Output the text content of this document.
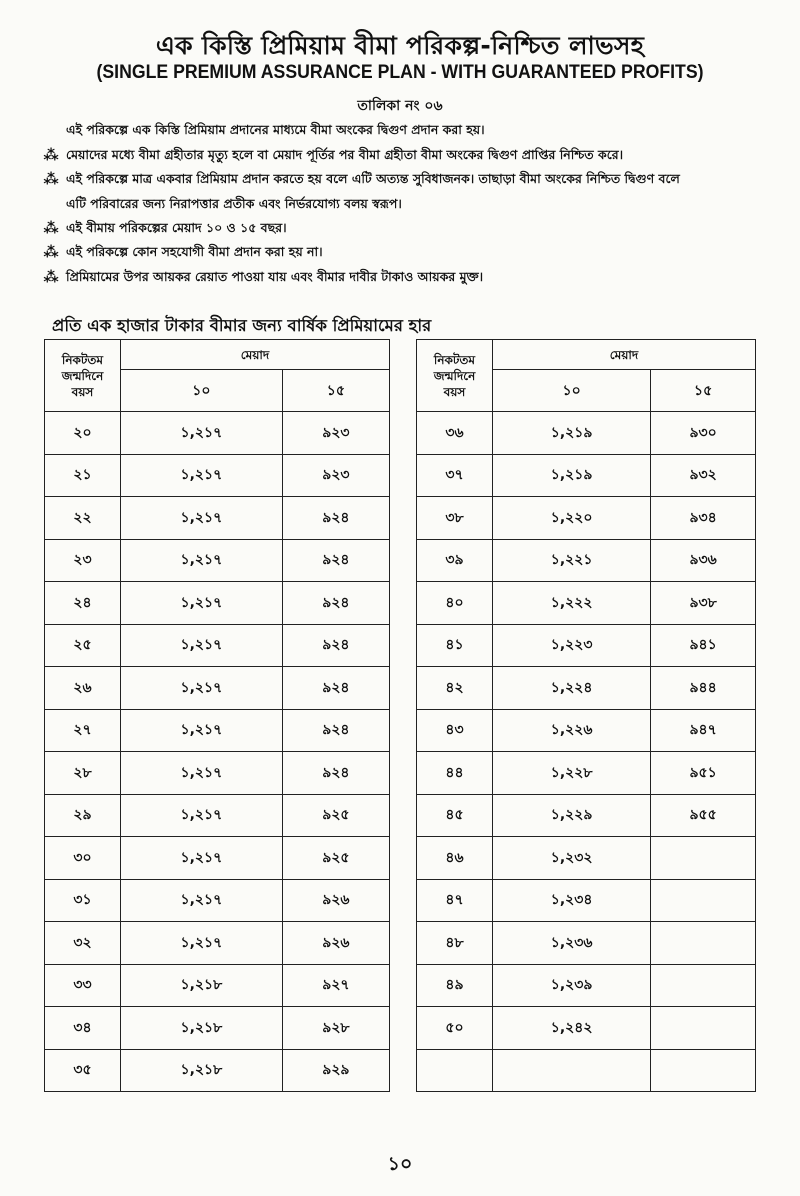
এক কিস্তি প্রিমিয়াম বীমা পরিকল্প-নিশ্চিত লাভসহ
(SINGLE PREMIUM ASSURANCE PLAN - WITH GUARANTEED PROFITS)
তালিকা নং ০৬
এই পরিকল্পে এক কিস্তি প্রিমিয়াম প্রদানের মাধ্যমে বীমা অংকের দ্বিগুণ প্রদান করা হয়।
⁂ মেয়াদের মধ্যে বীমা গ্রহীতার মৃত্যু হলে বা মেয়াদ পূর্তির পর বীমা গ্রহীতা বীমা অংকের দ্বিগুণ প্রাপ্তির নিশ্চিত করে।
⁂ এই পরিকল্পে মাত্র একবার প্রিমিয়াম প্রদান করতে হয় বলে এটি অত্যন্ত সুবিধাজনক। তাছাড়া বীমা অংকের নিশ্চিত দ্বিগুণ বলে
এটি পরিবারের জন্য নিরাপত্তার প্রতীক এবং নির্ভরযোগ্য বলয় স্বরূপ।
⁂ এই বীমায় পরিকল্পের মেয়াদ ১০ ও ১৫ বছর।
⁂ এই পরিকল্পে কোন সহযোগী বীমা প্রদান করা হয় না।
⁂ প্রিমিয়ামের উপর আয়কর রেয়াত পাওয়া যায় এবং বীমার দাবীর টাকাও আয়কর মুক্ত।
প্রতি এক হাজার টাকার বীমার জন্য বার্ষিক প্রিমিয়ামের হার
নিকটতম জন্মদিনে বয়স	মেয়াদ	
	১০	১৫
২০	১,২১৭	৯২৩
২১	১,২১৭	৯২৩
২২	১,২১৭	৯২৪
২৩	১,২১৭	৯২৪
২৪	১,২১৭	৯২৪
২৫	১,২১৭	৯২৪
২৬	১,২১৭	৯২৪
২৭	১,২১৭	৯২৪
২৮	১,২১৭	৯২৪
২৯	১,২১৭	৯২৫
৩০	১,২১৭	৯২৫
৩১	১,২১৭	৯২৬
৩২	১,২১৭	৯২৬
৩৩	১,২১৮	৯২৭
৩৪	১,২১৮	৯২৮
৩৫	১,২১৮	৯২৯
নিকটতম জন্মদিনে বয়স	মেয়াদ	
	১০	১৫
৩৬	১,২১৯	৯৩০
৩৭	১,২১৯	৯৩২
৩৮	১,২২০	৯৩৪
৩৯	১,২২১	৯৩৬
৪০	১,২২২	৯৩৮
৪১	১,২২৩	৯৪১
৪২	১,২২৪	৯৪৪
৪৩	১,২২৬	৯৪৭
৪৪	১,২২৮	৯৫১
৪৫	১,২২৯	৯৫৫
৪৬	১,২৩২	
৪৭	১,২৩৪	
৪৮	১,২৩৬	
৪৯	১,২৩৯	
৫০	১,২৪২	

১০
